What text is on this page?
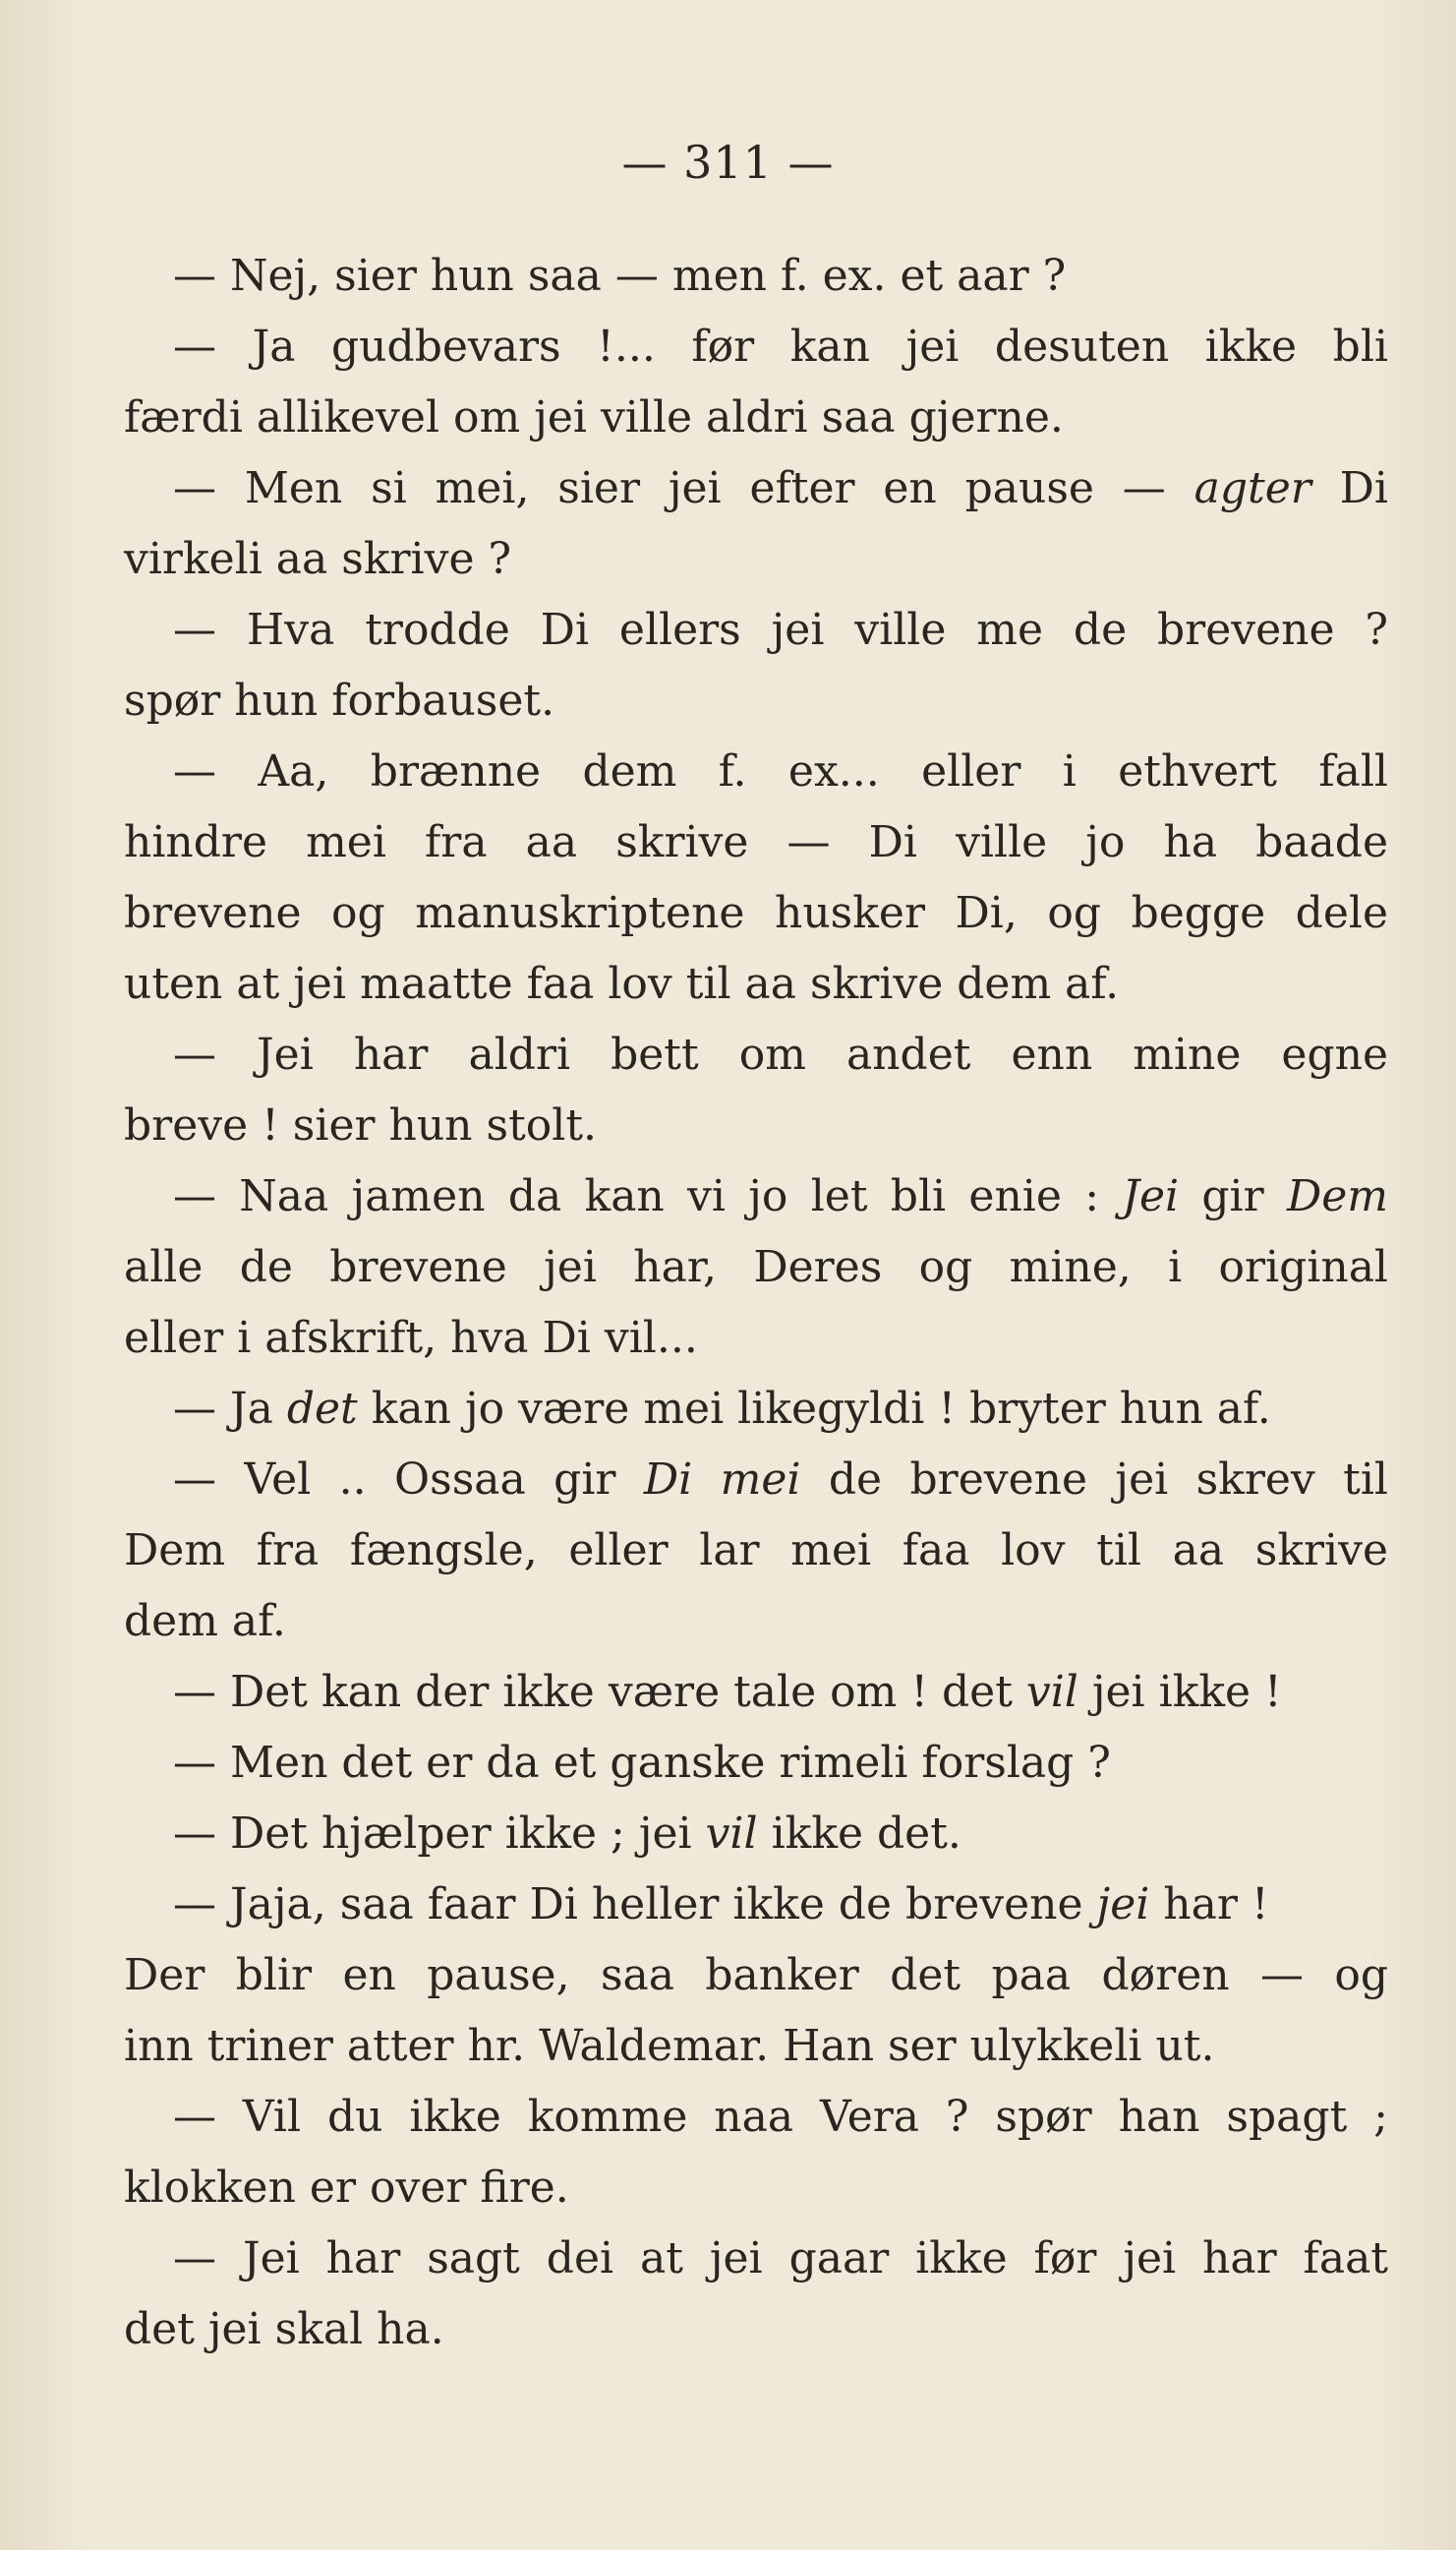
— 311 —
— Nej, sier hun saa — men f. ex. et aar ?
— Ja gudbevars !... før kan jei desuten ikke bli
færdi allikevel om jei ville aldri saa gjerne.
— Men si mei, sier jei efter en pause — agter Di
virkeli aa skrive ?
— Hva trodde Di ellers jei ville me de brevene ?
spør hun forbauset.
— Aa, brænne dem f. ex... eller i ethvert fall
hindre mei fra aa skrive — Di ville jo ha baade
brevene og manuskriptene husker Di, og begge dele
uten at jei maatte faa lov til aa skrive dem af.
— Jei har aldri bett om andet enn mine egne
breve ! sier hun stolt.
— Naa jamen da kan vi jo let bli enie : Jei gir Dem
alle de brevene jei har, Deres og mine, i original
eller i afskrift, hva Di vil...
— Ja det kan jo være mei likegyldi ! bryter hun af.
— Vel .. Ossaa gir Di mei de brevene jei skrev til
Dem fra fængsle, eller lar mei faa lov til aa skrive
dem af.
— Det kan der ikke være tale om ! det vil jei ikke !
— Men det er da et ganske rimeli forslag ?
— Det hjælper ikke ; jei vil ikke det.
— Jaja, saa faar Di heller ikke de brevene jei har !
Der blir en pause, saa banker det paa døren — og
inn triner atter hr. Waldemar. Han ser ulykkeli ut.
— Vil du ikke komme naa Vera ? spør han spagt ;
klokken er over fire.
— Jei har sagt dei at jei gaar ikke før jei har faat
det jei skal ha.
